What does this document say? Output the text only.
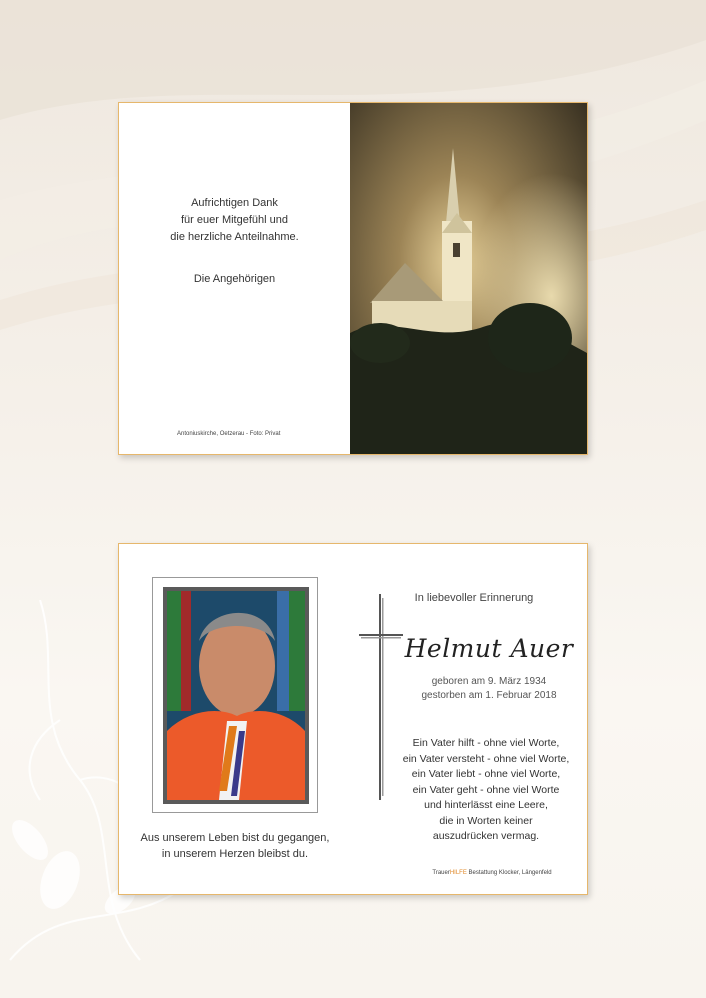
Aufrichtigen Dank

für euer Mitgefühl und

die herzliche Anteilnahme.

Die Angehörigen
Antoniuskirche, Oetzerau - Foto: Privat

Aus unserem Leben bist du gegangen,

in unserem Herzen bleibst du.

In liebevoller Erinnerung
Helmut Auer

geboren am 9. März 1934

gestorben am 1. Februar 2018

Ein Vater hilft - ohne viel Worte,

ein Vater versteht - ohne viel Worte,

ein Vater liebt - ohne viel Worte,

ein Vater geht - ohne viel Worte

und hinterlässt eine Leere,

die in Worten keiner

auszudrücken vermag.

TrauerHILFE Bestattung Klocker, Längenfeld
